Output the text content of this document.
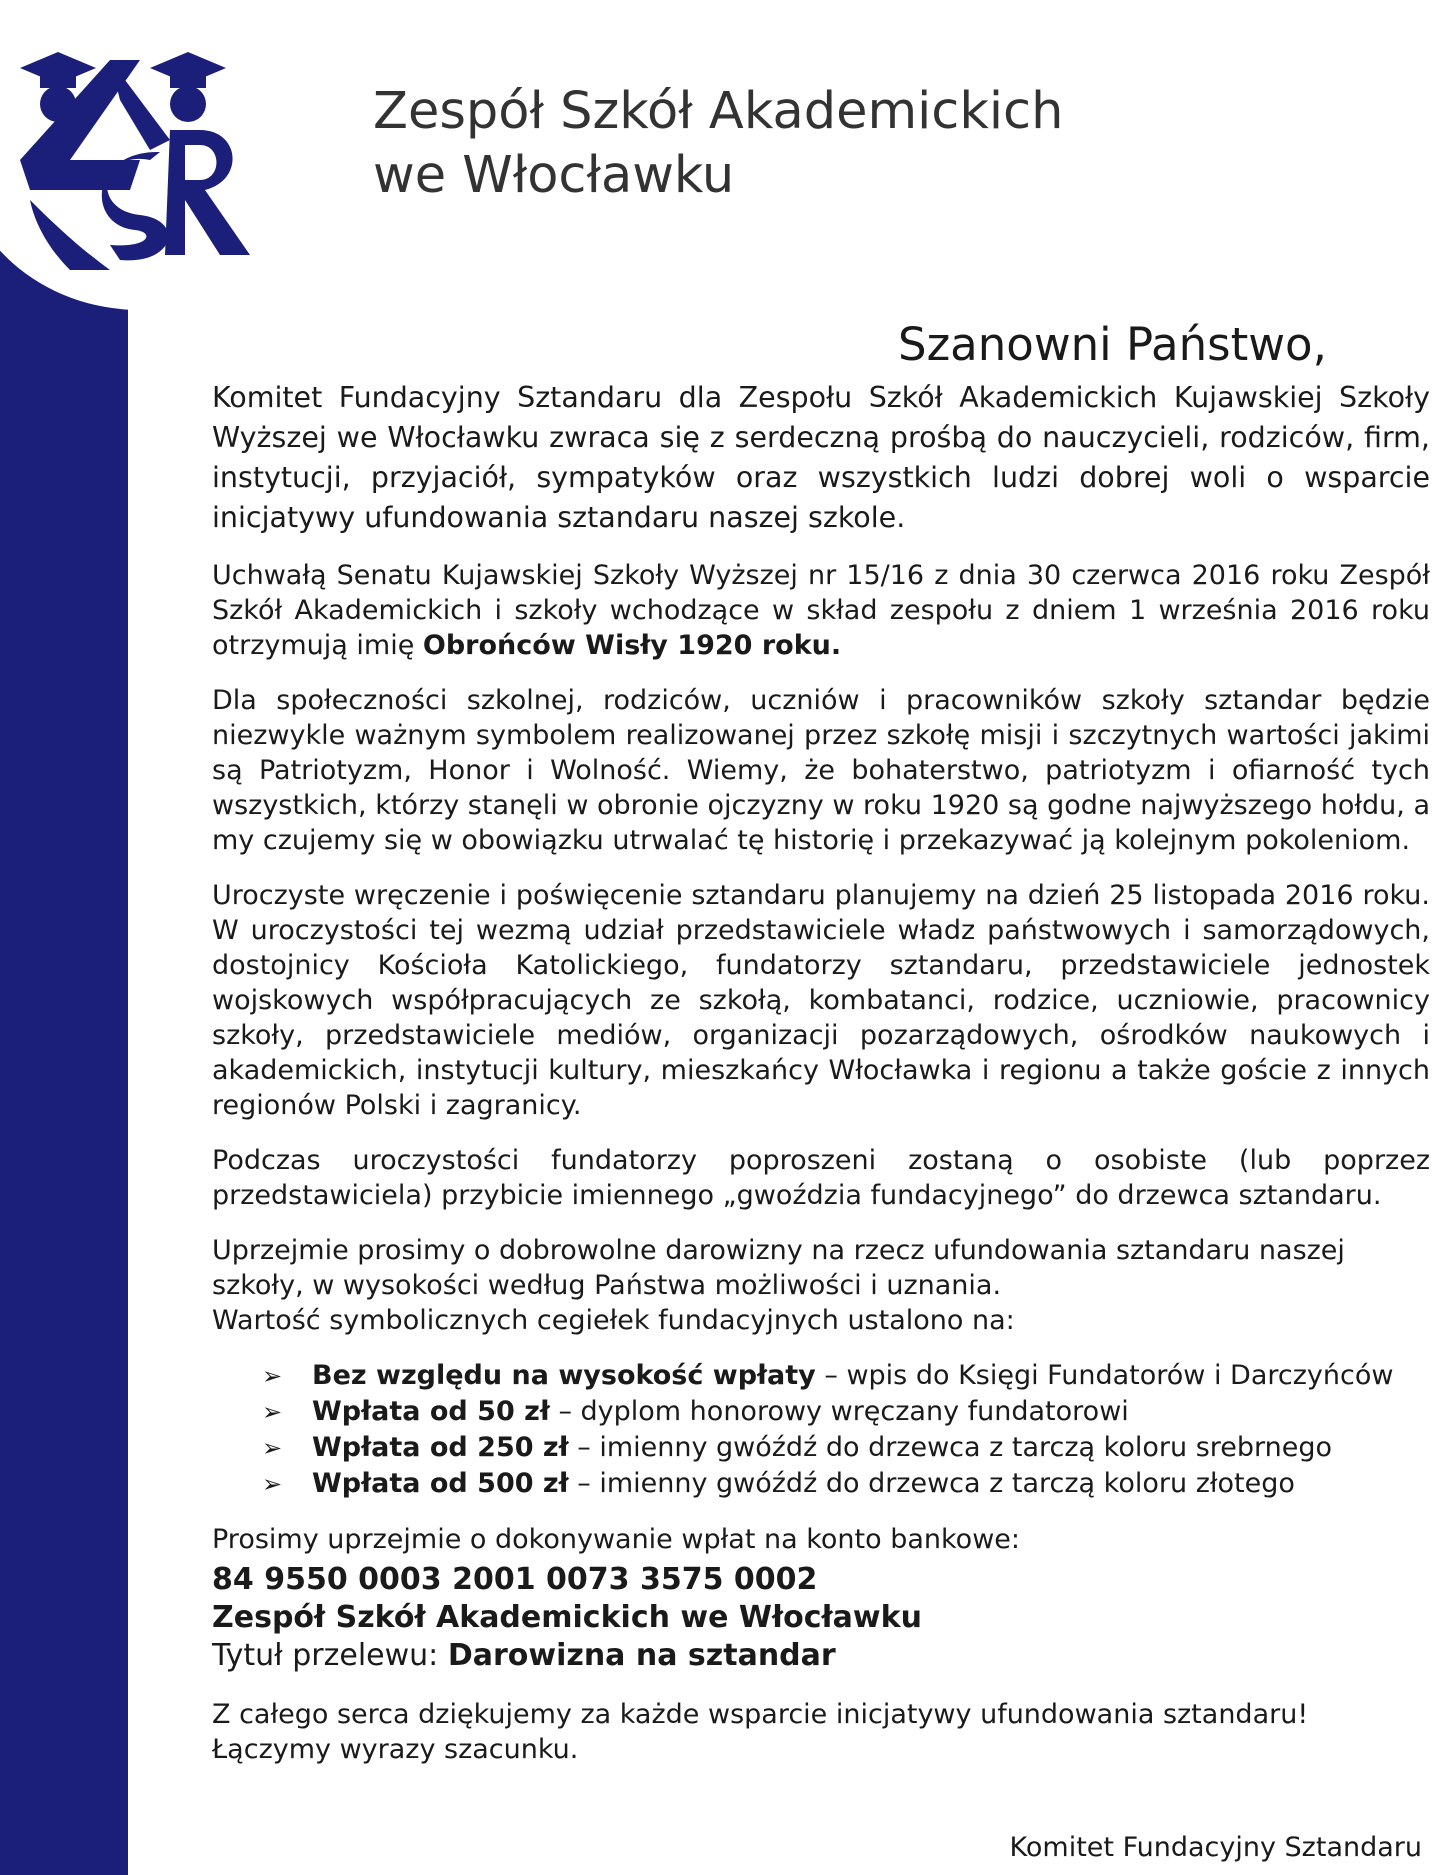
Zespół Szkół Akademickich
we Włocławku
Szanowni Państwo,

Komitet Fundacyjny Sztandaru dla Zespołu Szkół Akademickich Kujawskiej Szkoły Wyższej we Włocławku zwraca się z serdeczną prośbą do nauczycieli, rodziców, firm, instytucji, przyjaciół, sympatyków oraz wszystkich ludzi dobrej woli o wsparcie inicjatywy ufundowania sztandaru naszej szkole.

Uchwałą Senatu Kujawskiej Szkoły Wyższej nr 15/16 z dnia 30 czerwca 2016 roku Zespół Szkół Akademickich i szkoły wchodzące w skład zespołu z dniem 1 września 2016 roku otrzymują imię Obrońców Wisły 1920 roku.

Dla społeczności szkolnej, rodziców, uczniów i pracowników szkoły sztandar będzie niezwykle ważnym symbolem realizowanej przez szkołę misji i szczytnych wartości jakimi są Patriotyzm, Honor i Wolność. Wiemy, że bohaterstwo, patriotyzm i ofiarność tych wszystkich, którzy stanęli w obronie ojczyzny w roku 1920 są godne najwyższego hołdu, a my czujemy się w obowiązku utrwalać tę historię i przekazywać ją kolejnym pokoleniom.

Uroczyste wręczenie i poświęcenie sztandaru planujemy na dzień 25 listopada 2016 roku. W uroczystości tej wezmą udział przedstawiciele władz państwowych i samorządowych, dostojnicy Kościoła Katolickiego, fundatorzy sztandaru, przedstawiciele jednostek wojskowych współpracujących ze szkołą, kombatanci, rodzice, uczniowie, pracownicy szkoły, przedstawiciele mediów, organizacji pozarządowych, ośrodków naukowych i akademickich, instytucji kultury, mieszkańcy Włocławka i regionu a także goście z innych regionów Polski i zagranicy.

Podczas uroczystości fundatorzy poproszeni zostaną o osobiste (lub poprzez przedstawiciela) przybicie imiennego „gwoździa fundacyjnego” do drzewca sztandaru.

Uprzejmie prosimy o dobrowolne darowizny na rzecz ufundowania sztandaru naszej
szkoły, w wysokości według Państwa możliwości i uznania.
Wartość symbolicznych cegiełek fundacyjnych ustalono na:

➢	Bez względu na wysokość wpłaty – wpis do Księgi Fundatorów i Darczyńców
➢	Wpłata od 50 zł – dyplom honorowy wręczany fundatorowi
➢	Wpłata od 250 zł – imienny gwóźdź do drzewca z tarczą koloru srebrnego
➢	Wpłata od 500 zł – imienny gwóźdź do drzewca z tarczą koloru złotego

Prosimy uprzejmie o dokonywanie wpłat na konto bankowe:

84 9550 0003 2001 0073 3575 0002
Zespół Szkół Akademickich we Włocławku
Tytuł przelewu: Darowizna na sztandar

Z całego serca dziękujemy za każde wsparcie inicjatywy ufundowania sztandaru!
Łączymy wyrazy szacunku.

Komitet Fundacyjny Sztandaru
